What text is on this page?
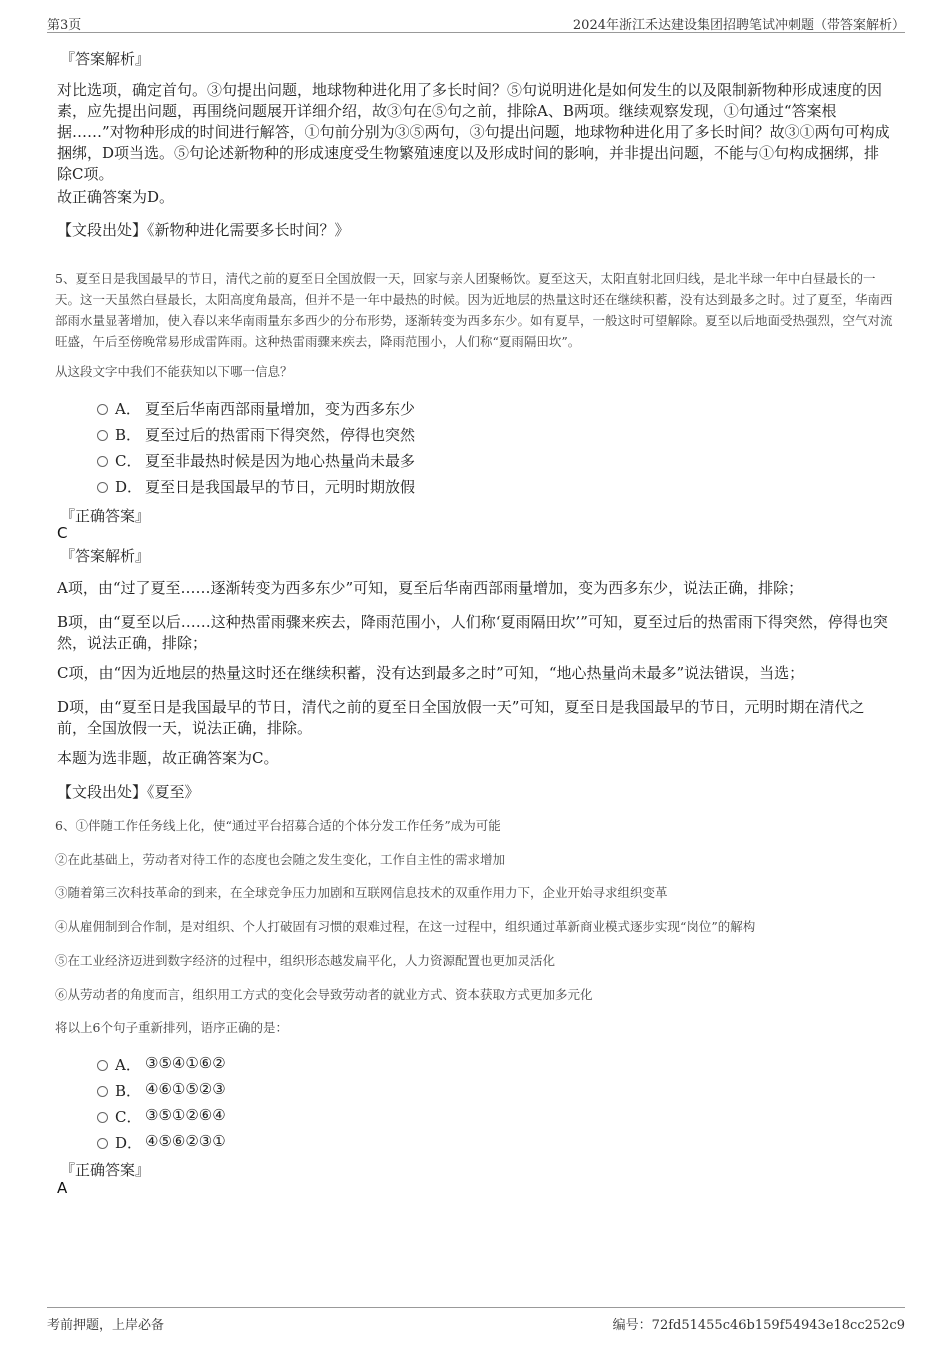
第3页	2024年浙江禾达建设集团招聘笔试冲刺题（带答案解析）
『答案解析』
对比选项，确定首句。③句提出问题，地球物种进化用了多长时间？⑤句说明进化是如何发生的以及限制新物种形成速度的因素，应先提出问题，再围绕问题展开详细介绍，故③句在⑤句之前，排除A、B两项。继续观察发现，①句通过“答案根据……”对物种形成的时间进行解答，①句前分别为③⑤两句，③句提出问题，地球物种进化用了多长时间？故③①两句可构成捆绑，D项当选。⑤句论述新物种的形成速度受生物繁殖速度以及形成时间的影响，并非提出问题，不能与①句构成捆绑，排除C项。
故正确答案为D。
【文段出处】《新物种进化需要多长时间？》
5、夏至日是我国最早的节日，清代之前的夏至日全国放假一天，回家与亲人团聚畅饮。夏至这天，太阳直射北回归线，是北半球一年中白昼最长的一天。这一天虽然白昼最长，太阳高度角最高，但并不是一年中最热的时候。因为近地层的热量这时还在继续积蓄，没有达到最多之时。过了夏至，华南西部雨水量显著增加，使入春以来华南雨量东多西少的分布形势，逐渐转变为西多东少。如有夏旱，一般这时可望解除。夏至以后地面受热强烈，空气对流旺盛，午后至傍晚常易形成雷阵雨。这种热雷雨骤来疾去，降雨范围小，人们称“夏雨隔田坎”。
从这段文字中我们不能获知以下哪一信息？
A． 夏至后华南西部雨量增加，变为西多东少
B． 夏至过后的热雷雨下得突然，停得也突然
C． 夏至非最热时候是因为地心热量尚未最多
D． 夏至日是我国最早的节日，元明时期放假
『正确答案』
C
『答案解析』
A项，由“过了夏至……逐渐转变为西多东少”可知，夏至后华南西部雨量增加，变为西多东少，说法正确，排除；
B项，由“夏至以后……这种热雷雨骤来疾去，降雨范围小，人们称‘夏雨隔田坎’”可知，夏至过后的热雷雨下得突然，停得也突然，说法正确，排除；
C项，由“因为近地层的热量这时还在继续积蓄，没有达到最多之时”可知，“地心热量尚未最多”说法错误，当选；
D项，由“夏至日是我国最早的节日，清代之前的夏至日全国放假一天”可知，夏至日是我国最早的节日，元明时期在清代之前，全国放假一天，说法正确，排除。
本题为选非题，故正确答案为C。
【文段出处】《夏至》
6、①伴随工作任务线上化，使“通过平台招募合适的个体分发工作任务”成为可能
②在此基础上，劳动者对待工作的态度也会随之发生变化，工作自主性的需求增加
③随着第三次科技革命的到来，在全球竞争压力加剧和互联网信息技术的双重作用力下，企业开始寻求组织变革
④从雇佣制到合作制，是对组织、个人打破固有习惯的艰难过程，在这一过程中，组织通过革新商业模式逐步实现“岗位”的解构
⑤在工业经济迈进到数字经济的过程中，组织形态越发扁平化，人力资源配置也更加灵活化
⑥从劳动者的角度而言，组织用工方式的变化会导致劳动者的就业方式、资本获取方式更加多元化
将以上6个句子重新排列，语序正确的是：
A． ③⑤④①⑥②
B． ④⑥①⑤②③
C． ③⑤①②⑥④
D． ④⑤⑥②③①
『正确答案』
A
考前押题，上岸必备	编号：72fd51455c46b159f54943e18cc252c9
